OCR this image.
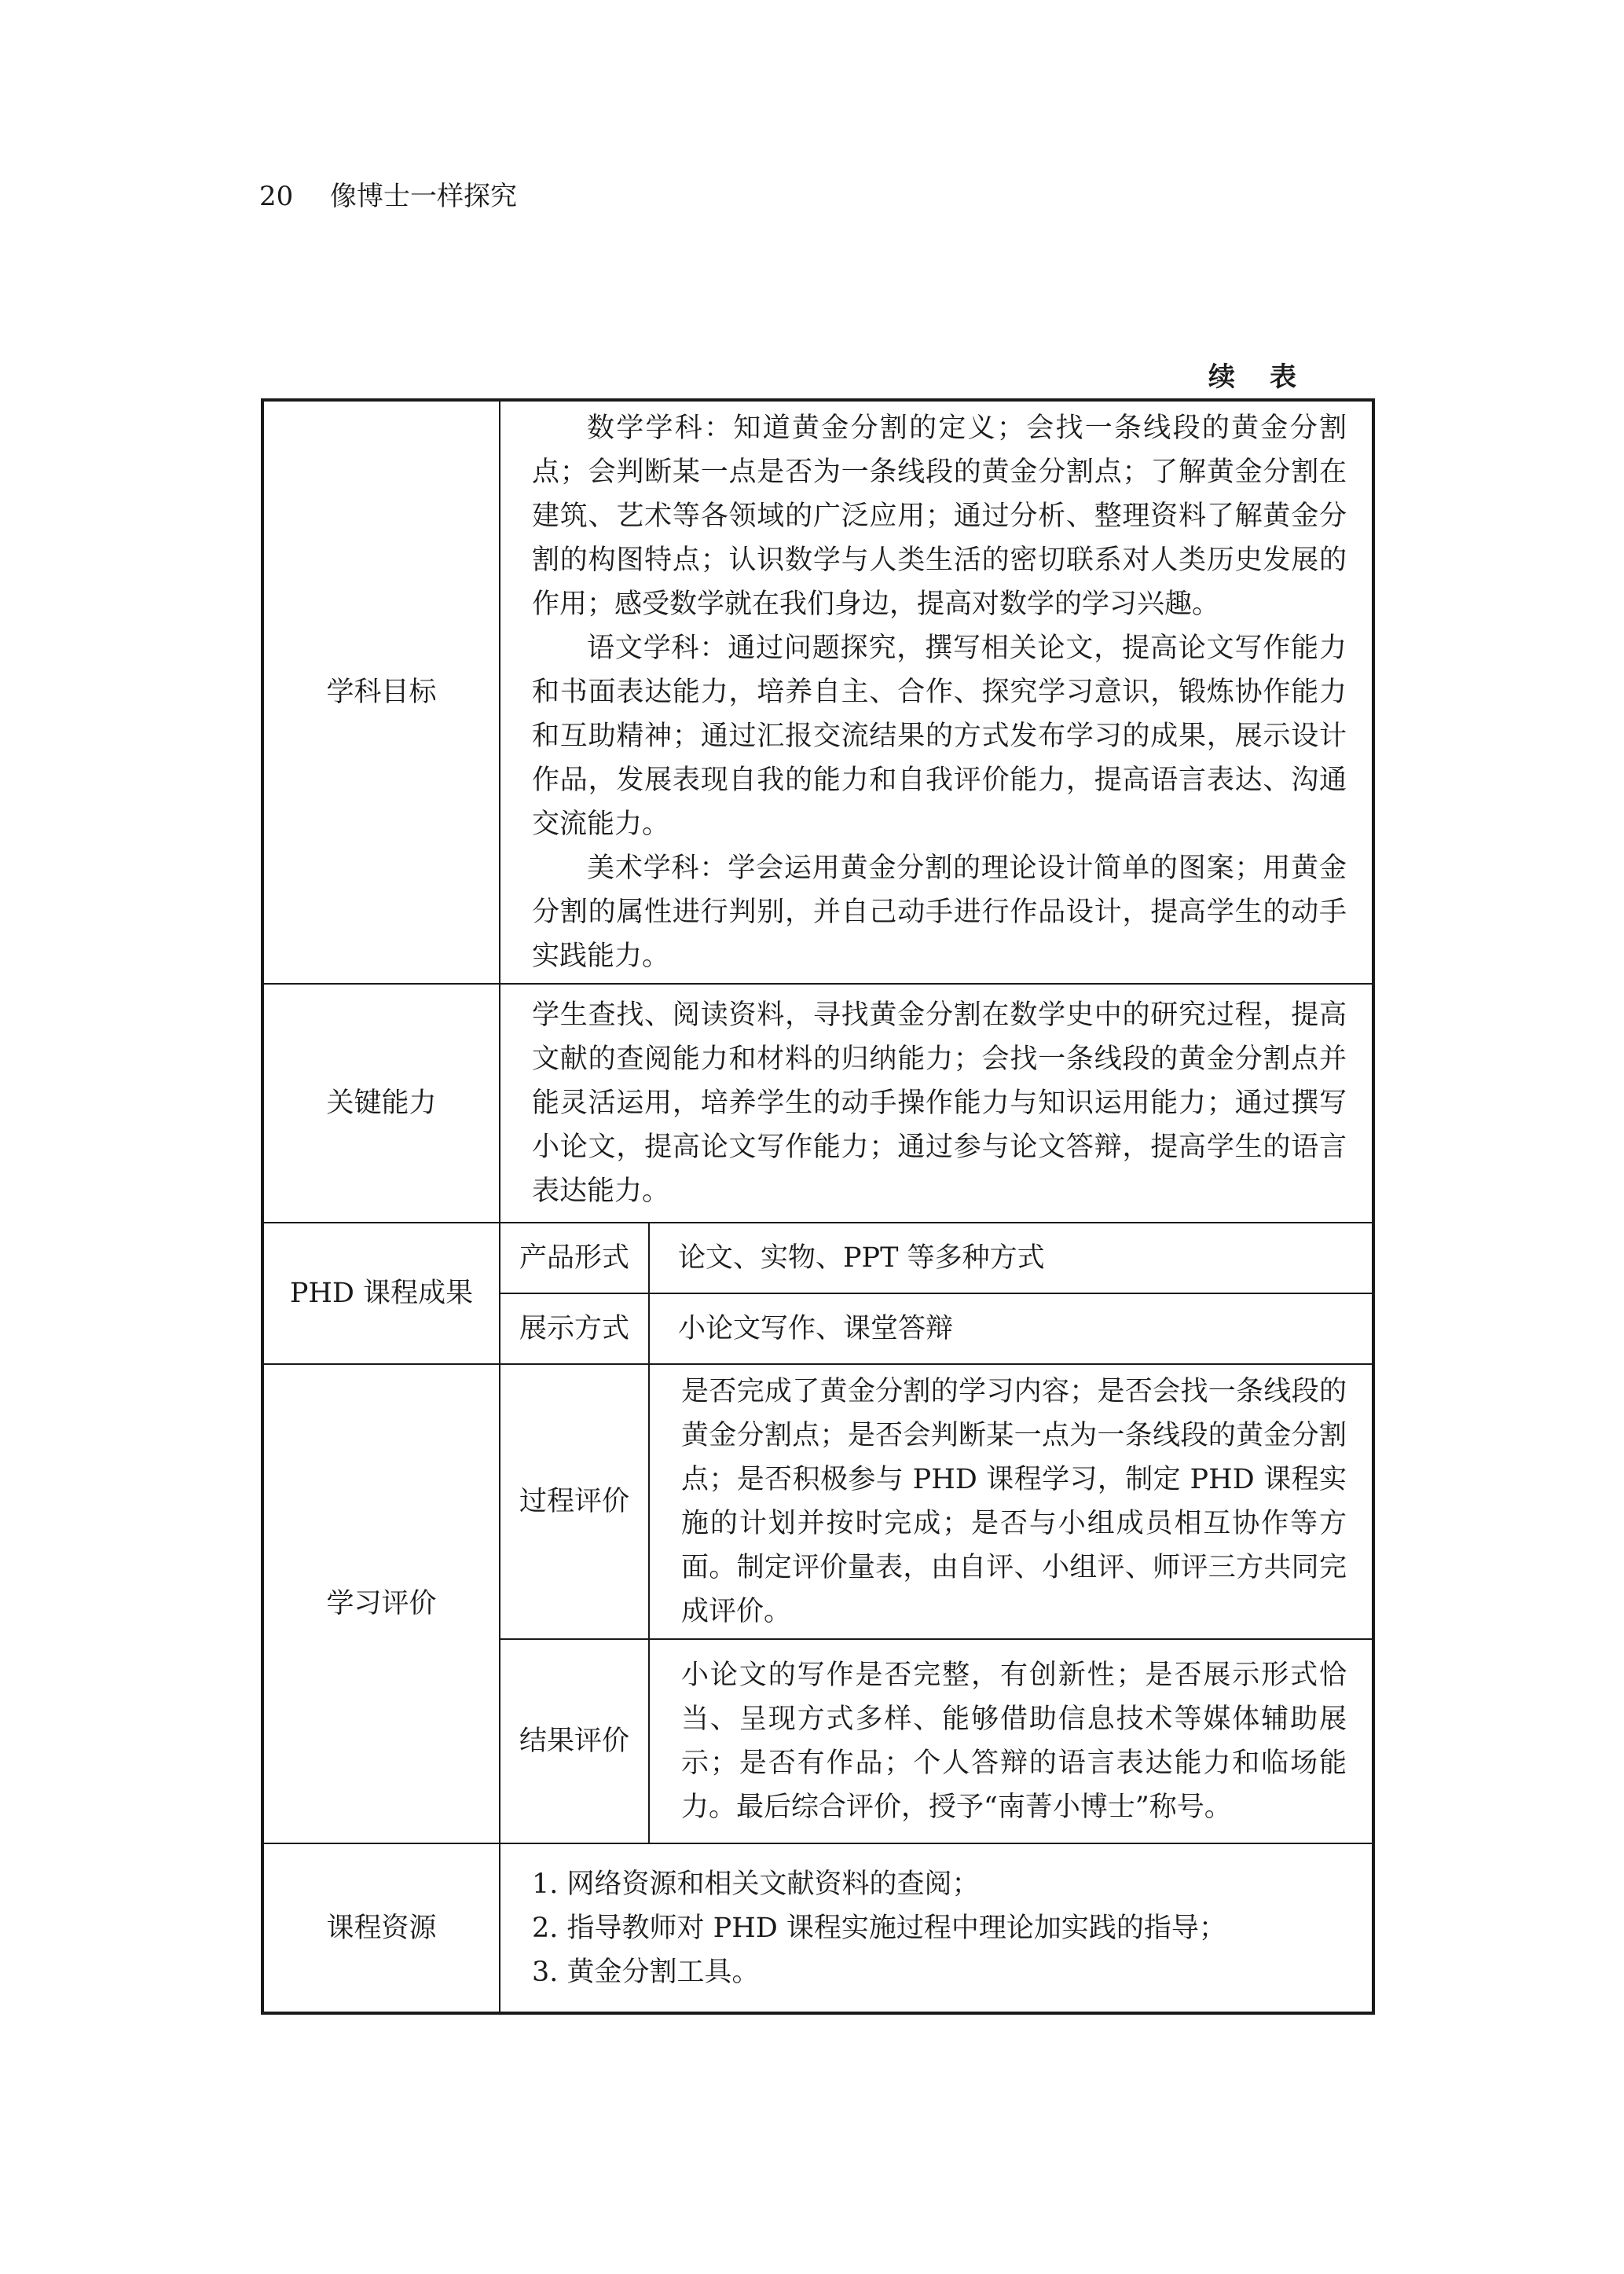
20 像博士一样探究
续表
学科目标	数学学科：知道黄金分割的定义；会找一条线段的黄金分割点；会判断某一点是否为一条线段的黄金分割点；了解黄金分割在建筑、艺术等各领域的广泛应用；通过分析、整理资料了解黄金分割的构图特点；认识数学与人类生活的密切联系对人类历史发展的作用；感受数学就在我们身边，提高对数学的学习兴趣。

语文学科：通过问题探究，撰写相关论文，提高论文写作能力和书面表达能力，培养自主、合作、探究学习意识，锻炼协作能力和互助精神；通过汇报交流结果的方式发布学习的成果，展示设计作品，发展表现自我的能力和自我评价能力，提高语言表达、沟通交流能力。

美术学科：学会运用黄金分割的理论设计简单的图案；用黄金分割的属性进行判别，并自己动手进行作品设计，提高学生的动手实践能力。	

关键能力	学生查找、阅读资料，寻找黄金分割在数学史中的研究过程，提高文献的查阅能力和材料的归纳能力；会找一条线段的黄金分割点并能灵活运用，培养学生的动手操作能力与知识运用能力；通过撰写小论文，提高论文写作能力；通过参与论文答辩，提高学生的语言表达能力。	
PHD 课程成果	产品形式	论文、实物、PPT 等多种方式
	展示方式	小论文写作、课堂答辩
学习评价	过程评价	是否完成了黄金分割的学习内容；是否会找一条线段的黄金分割点；是否会判断某一点为一条线段的黄金分割点；是否积极参与 PHD 课程学习，制定 PHD 课程实施的计划并按时完成；是否与小组成员相互协作等方面。制定评价量表，由自评、小组评、师评三方共同完成评价。
	结果评价	小论文的写作是否完整，有创新性；是否展示形式恰当、呈现方式多样、能够借助信息技术等媒体辅助展示；是否有作品；个人答辩的语言表达能力和临场能力。最后综合评价，授予“南菁小博士”称号。
课程资源	1. 网络资源和相关文献资料的查阅；

2. 指导教师对 PHD 课程实施过程中理论加实践的指导；

3. 黄金分割工具。	
